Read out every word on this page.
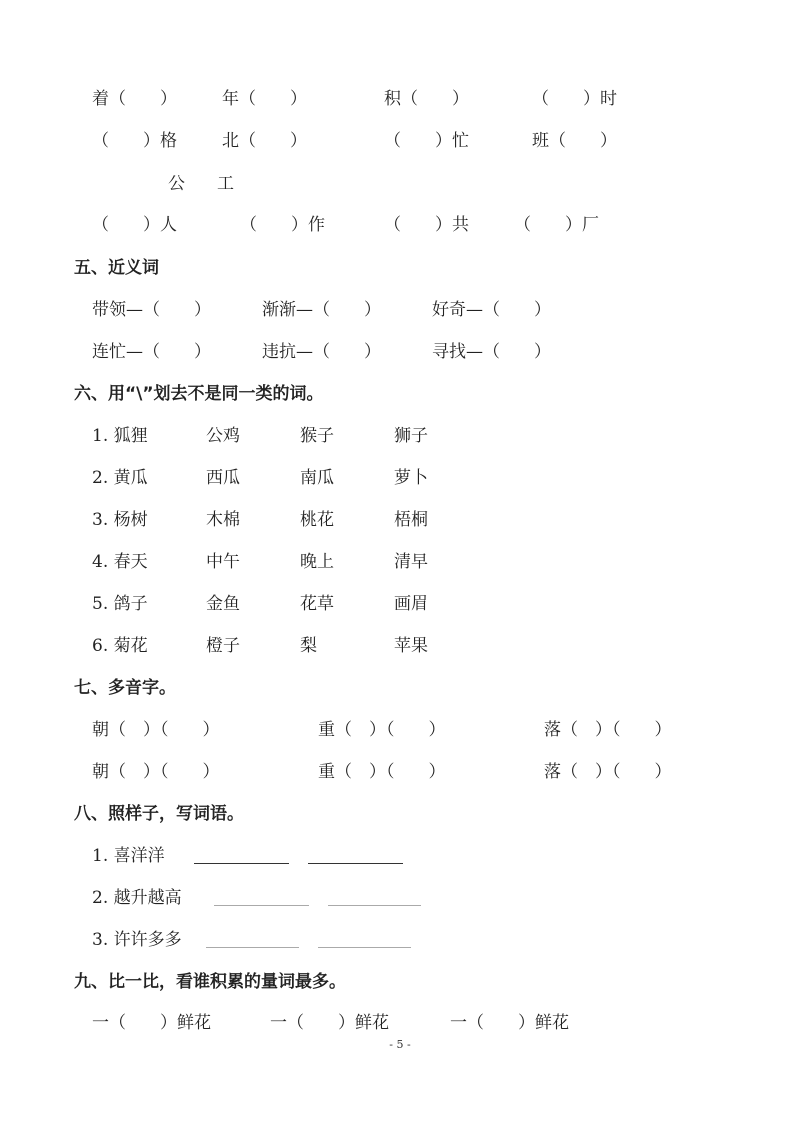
着（　　）	年（　　）	积（　　）	（　　）时
（　　）格	北（　　）	（　　）忙	班（　　）
公 工
（　　）人	（　　）作	（　　）共	（　　）厂
五、近义词
带领—（　　）	渐渐—（　　）	好奇—（　　）
连忙—（　　）	违抗—（　　）	寻找—（　　）
六、用“\”划去不是同一类的词。
1. 狐狸	公鸡	猴子	狮子
2. 黄瓜	西瓜	南瓜	萝卜
3. 杨树	木棉	桃花	梧桐
4. 春天	中午	晚上	清早
5. 鸽子	金鱼	花草	画眉
6. 菊花	橙子	梨	苹果
七、多音字。
朝（　）（　　）	重（　）（　　）	落（　）（　　）
朝（　）（　　）	重（　）（　　）	落（　）（　　）
八、照样子，写词语。
1. 喜洋洋
2. 越升越高
3. 许许多多
九、比一比，看谁积累的量词最多。
一（　　）鲜花	一（　　）鲜花	一（　　）鲜花
- 5 -
